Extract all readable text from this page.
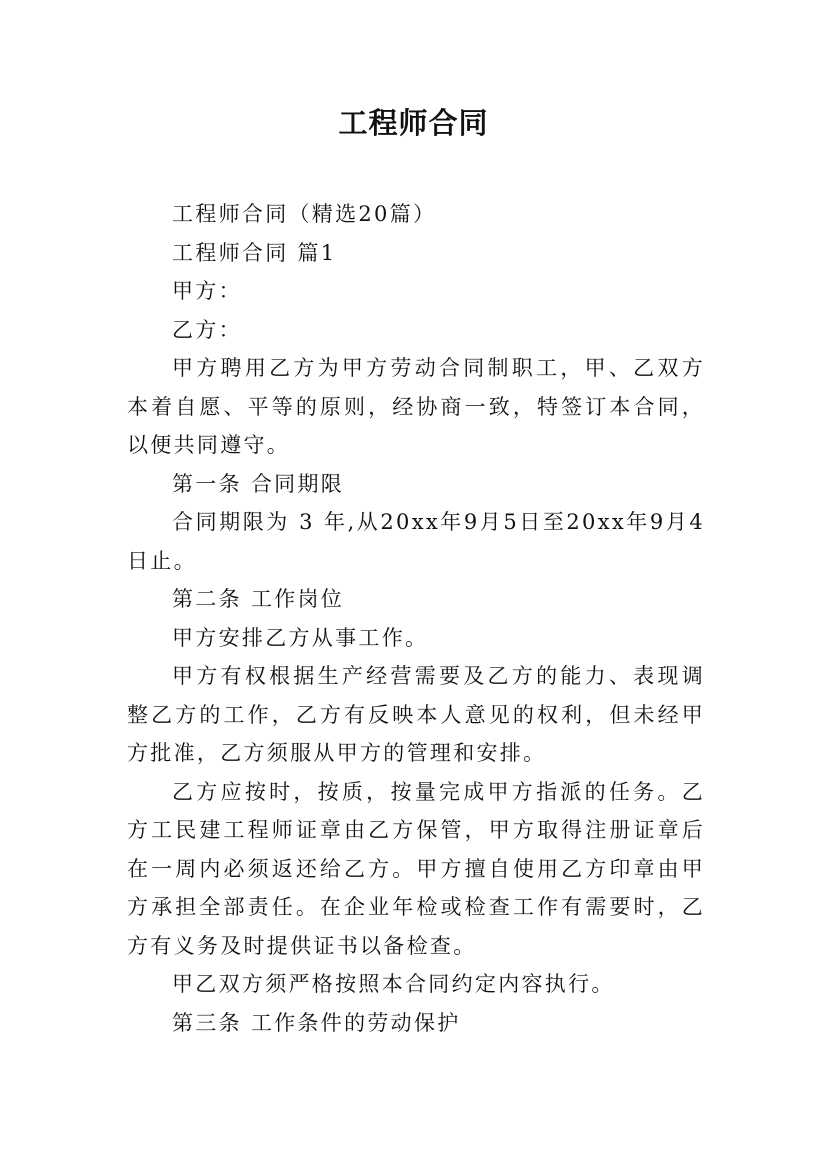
工程师合同

工程师合同（精选20篇）

工程师合同 篇1

甲方：

乙方：

甲方聘用乙方为甲方劳动合同制职工，甲、乙双方本着自愿、平等的原则，经协商一致，特签订本合同，以便共同遵守。

第一条 合同期限

合同期限为 3 年,从20xx年9月5日至20xx年9月4日止。

第二条 工作岗位

甲方安排乙方从事工作。

甲方有权根据生产经营需要及乙方的能力、表现调整乙方的工作，乙方有反映本人意见的权利，但未经甲方批准，乙方须服从甲方的管理和安排。

乙方应按时，按质，按量完成甲方指派的任务。乙方工民建工程师证章由乙方保管，甲方取得注册证章后在一周内必须返还给乙方。甲方擅自使用乙方印章由甲方承担全部责任。在企业年检或检查工作有需要时，乙方有义务及时提供证书以备检查。

甲乙双方须严格按照本合同约定内容执行。

第三条 工作条件的劳动保护
